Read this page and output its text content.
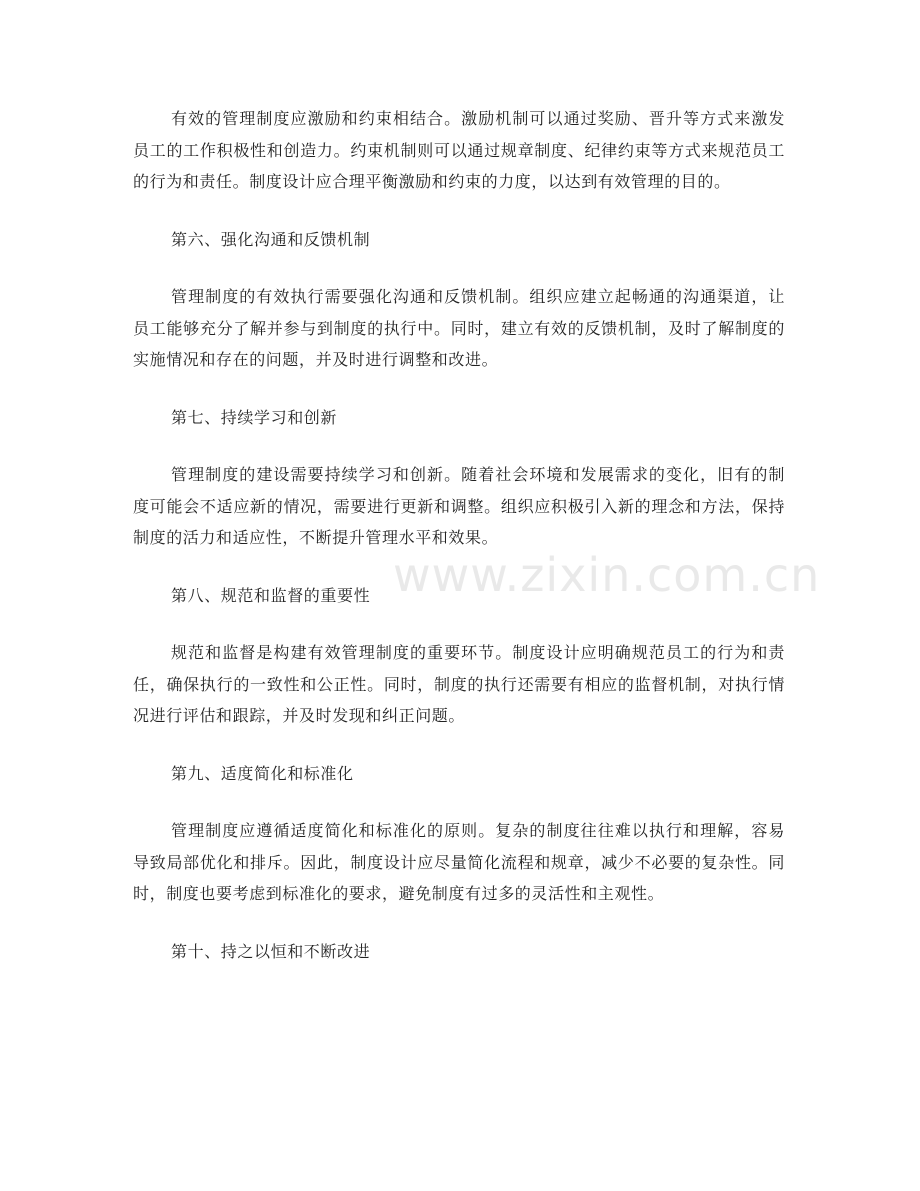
www.zixin.com.cn

有效的管理制度应激励和约束相结合。激励机制可以通过奖励、晋升等方式来激发员工的工作积极性和创造力。约束机制则可以通过规章制度、纪律约束等方式来规范员工的行为和责任。制度设计应合理平衡激励和约束的力度，以达到有效管理的目的。

第六、强化沟通和反馈机制

管理制度的有效执行需要强化沟通和反馈机制。组织应建立起畅通的沟通渠道，让员工能够充分了解并参与到制度的执行中。同时，建立有效的反馈机制，及时了解制度的实施情况和存在的问题，并及时进行调整和改进。

第七、持续学习和创新

管理制度的建设需要持续学习和创新。随着社会环境和发展需求的变化，旧有的制度可能会不适应新的情况，需要进行更新和调整。组织应积极引入新的理念和方法，保持制度的活力和适应性，不断提升管理水平和效果。

第八、规范和监督的重要性

规范和监督是构建有效管理制度的重要环节。制度设计应明确规范员工的行为和责任，确保执行的一致性和公正性。同时，制度的执行还需要有相应的监督机制，对执行情况进行评估和跟踪，并及时发现和纠正问题。

第九、适度简化和标准化

管理制度应遵循适度简化和标准化的原则。复杂的制度往往难以执行和理解，容易导致局部优化和排斥。因此，制度设计应尽量简化流程和规章，减少不必要的复杂性。同时，制度也要考虑到标准化的要求，避免制度有过多的灵活性和主观性。

第十、持之以恒和不断改进
